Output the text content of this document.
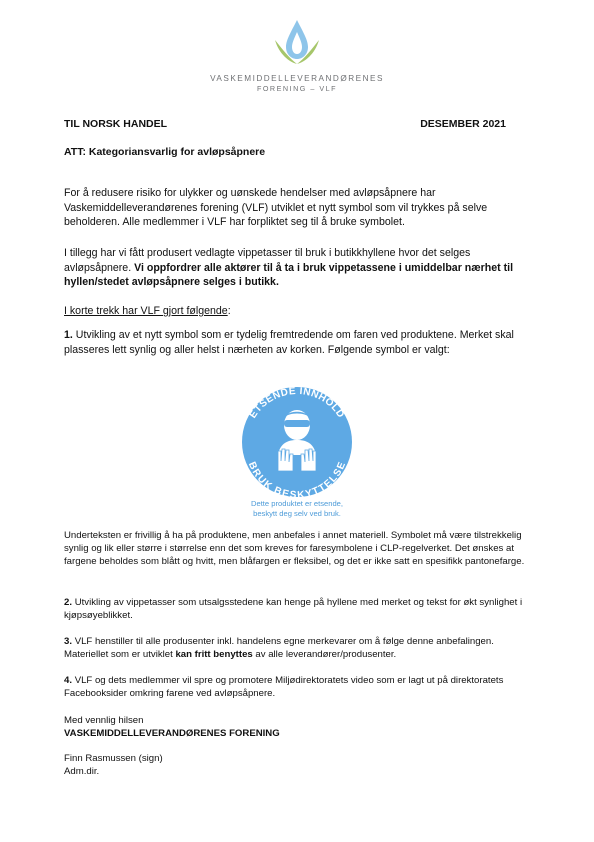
VASKEMIDDELLEVERANDØRENES
FORENING – VLF
TIL NORSK HANDEL	DESEMBER 2021
ATT: Kategoriansvarlig for avløpsåpnere
For å redusere risiko for ulykker og uønskede hendelser med avløpsåpnere har Vaskemiddelleverandørenes forening (VLF) utviklet et nytt symbol som vil trykkes på selve beholderen. Alle medlemmer i VLF har forpliktet seg til å bruke symbolet.
I tillegg har vi fått produsert vedlagte vippetasser til bruk i butikkhyllene hvor det selges avløpsåpnere. Vi oppfordrer alle aktører til å ta i bruk vippetassene i umiddelbar nærhet til hyllen/stedet avløpsåpnere selges i butikk.
I korte trekk har VLF gjort følgende:
1. Utvikling av et nytt symbol som er tydelig fremtredende om faren ved produktene. Merket skal plasseres lett synlig og aller helst i nærheten av korken. Følgende symbol er valgt:
ETSENDE INNHOLD
BRUK BESKYTTELSE
Dette produktet er etsende,
beskytt deg selv ved bruk.
Underteksten er frivillig å ha på produktene, men anbefales i annet materiell. Symbolet må være tilstrekkelig synlig og lik eller større i størrelse enn det som kreves for faresymbolene i CLP-regelverket. Det ønskes at fargene beholdes som blått og hvitt, men blåfargen er fleksibel, og det er ikke satt en spesifikk pantonefarge.
2. Utvikling av vippetasser som utsalgsstedene kan henge på hyllene med merket og tekst for økt synlighet i kjøpsøyeblikket.
3. VLF henstiller til alle produsenter inkl. handelens egne merkevarer om å følge denne anbefalingen. Materiellet som er utviklet kan fritt benyttes av alle leverandører/produsenter.
4. VLF og dets medlemmer vil spre og promotere Miljødirektoratets video som er lagt ut på direktoratets Facebooksider omkring farene ved avløpsåpnere.
Med vennlig hilsen
VASKEMIDDELLEVERANDØRENES FORENING
Finn Rasmussen (sign)
Adm.dir.
